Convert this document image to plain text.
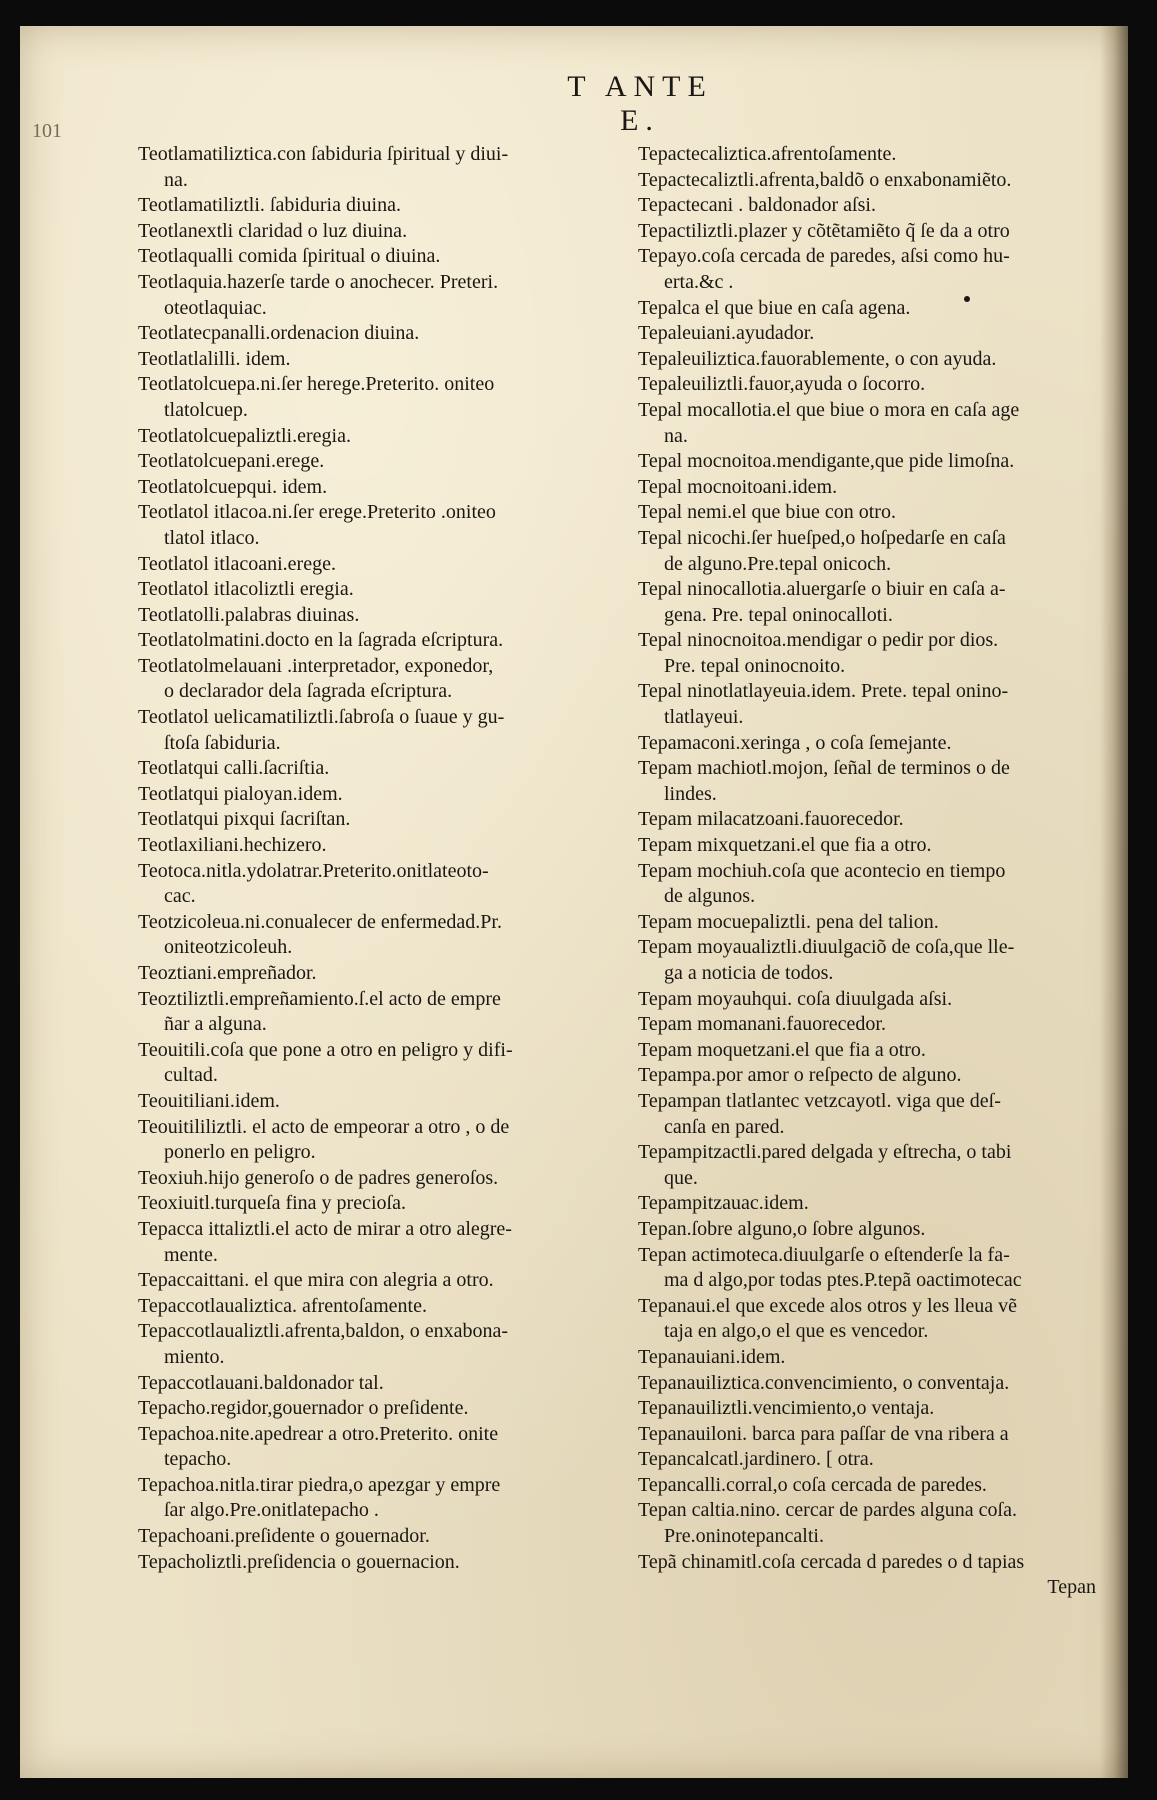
101
T ANTE E.
Teotlamatiliztica.con ſabiduria ſpiritual y diui-
na.
Teotlamatiliztli. ſabiduria diuina.
Teotlanextli claridad o luz diuina.
Teotlaqualli comida ſpiritual o diuina.
Teotlaquia.hazerſe tarde o anochecer. Preteri.
oteotlaquiac.
Teotlatecpanalli.ordenacion diuina.
Teotlatlalilli. idem.
Teotlatolcuepa.ni.ſer herege.Preterito. oniteo
tlatolcuep.
Teotlatolcuepaliztli.eregia.
Teotlatolcuepani.erege.
Teotlatolcuepqui. idem.
Teotlatol itlacoa.ni.ſer erege.Preterito .oniteo
tlatol itlaco.
Teotlatol itlacoani.erege.
Teotlatol itlacoliztli eregia.
Teotlatolli.palabras diuinas.
Teotlatolmatini.docto en la ſagrada eſcriptura.
Teotlatolmelauani .interpretador, exponedor,
o declarador dela ſagrada eſcriptura.
Teotlatol uelicamatiliztli.ſabroſa o ſuaue y gu-
ſtoſa ſabiduria.
Teotlatqui calli.ſacriſtia.
Teotlatqui pialoyan.idem.
Teotlatqui pixqui ſacriſtan.
Teotlaxiliani.hechizero.
Teotoca.nitla.ydolatrar.Preterito.onitlateoto-
cac.
Teotzicoleua.ni.conualecer de enfermedad.Pr.
oniteotzicoleuh.
Teoztiani.empreñador.
Teoztiliztli.empreñamiento.ſ.el acto de empre
ñar a alguna.
Teouitili.coſa que pone a otro en peligro y difi-
cultad.
Teouitiliani.idem.
Teouitililiztli. el acto de empeorar a otro , o de
ponerlo en peligro.
Teoxiuh.hijo generoſo o de padres generoſos.
Teoxiuitl.turqueſa fina y precioſa.
Tepacca ittaliztli.el acto de mirar a otro alegre-
mente.
Tepaccaittani. el que mira con alegria a otro.
Tepaccotlaualiztica. afrentoſamente.
Tepaccotlaualiztli.afrenta,baldon, o enxabona-
miento.
Tepaccotlauani.baldonador tal.
Tepacho.regidor,gouernador o preſidente.
Tepachoa.nite.apedrear a otro.Preterito. onite
tepacho.
Tepachoa.nitla.tirar piedra,o apezgar y empre
ſar algo.Pre.onitlatepacho .
Tepachoani.preſidente o gouernador.
Tepacholiztli.preſidencia o gouernacion.
Tepactecaliztica.afrentoſamente.
Tepactecaliztli.afrenta,baldõ o enxabonamiẽto.
Tepactecani . baldonador aſsi.
Tepactiliztli.plazer y cõtẽtamiẽto q̃ ſe da a otro
Tepayo.coſa cercada de paredes, aſsi como hu-
erta.&c .
Tepalca el que biue en caſa agena.
Tepaleuiani.ayudador.
Tepaleuiliztica.fauorablemente, o con ayuda.
Tepaleuiliztli.fauor,ayuda o ſocorro.
Tepal mocallotia.el que biue o mora en caſa age
na.
Tepal mocnoitoa.mendigante,que pide limoſna.
Tepal mocnoitoani.idem.
Tepal nemi.el que biue con otro.
Tepal nicochi.ſer hueſped,o hoſpedarſe en caſa
de alguno.Pre.tepal onicoch.
Tepal ninocallotia.aluergarſe o biuir en caſa a-
gena. Pre. tepal oninocalloti.
Tepal ninocnoitoa.mendigar o pedir por dios.
Pre. tepal oninocnoito.
Tepal ninotlatlayeuia.idem. Prete. tepal onino-
tlatlayeui.
Tepamaconi.xeringa , o coſa ſemejante.
Tepam machiotl.mojon, ſeñal de terminos o de
lindes.
Tepam milacatzoani.fauorecedor.
Tepam mixquetzani.el que fia a otro.
Tepam mochiuh.coſa que acontecio en tiempo
de algunos.
Tepam mocuepaliztli. pena del talion.
Tepam moyaualiztli.diuulgaciõ de coſa,que lle-
ga a noticia de todos.
Tepam moyauhqui. coſa diuulgada aſsi.
Tepam momanani.fauorecedor.
Tepam moquetzani.el que fia a otro.
Tepampa.por amor o reſpecto de alguno.
Tepampan tlatlantec vetzcayotl. viga que deſ-
canſa en pared.
Tepampitzactli.pared delgada y eſtrecha, o tabi
que.
Tepampitzauac.idem.
Tepan.ſobre alguno,o ſobre algunos.
Tepan actimoteca.diuulgarſe o eſtenderſe la fa-
ma d algo,por todas ptes.P.tepã oactimotecac
Tepanaui.el que excede alos otros y les lleua vẽ
taja en algo,o el que es vencedor.
Tepanauiani.idem.
Tepanauiliztica.convencimiento, o conventaja.
Tepanauiliztli.vencimiento,o ventaja.
Tepanauiloni. barca para paſſar de vna ribera a
Tepancalcatl.jardinero. [ otra.
Tepancalli.corral,o coſa cercada de paredes.
Tepan caltia.nino. cercar de pardes alguna coſa.
Pre.oninotepancalti.
Tepã chinamitl.coſa cercada d paredes o d tapias
Tepan
